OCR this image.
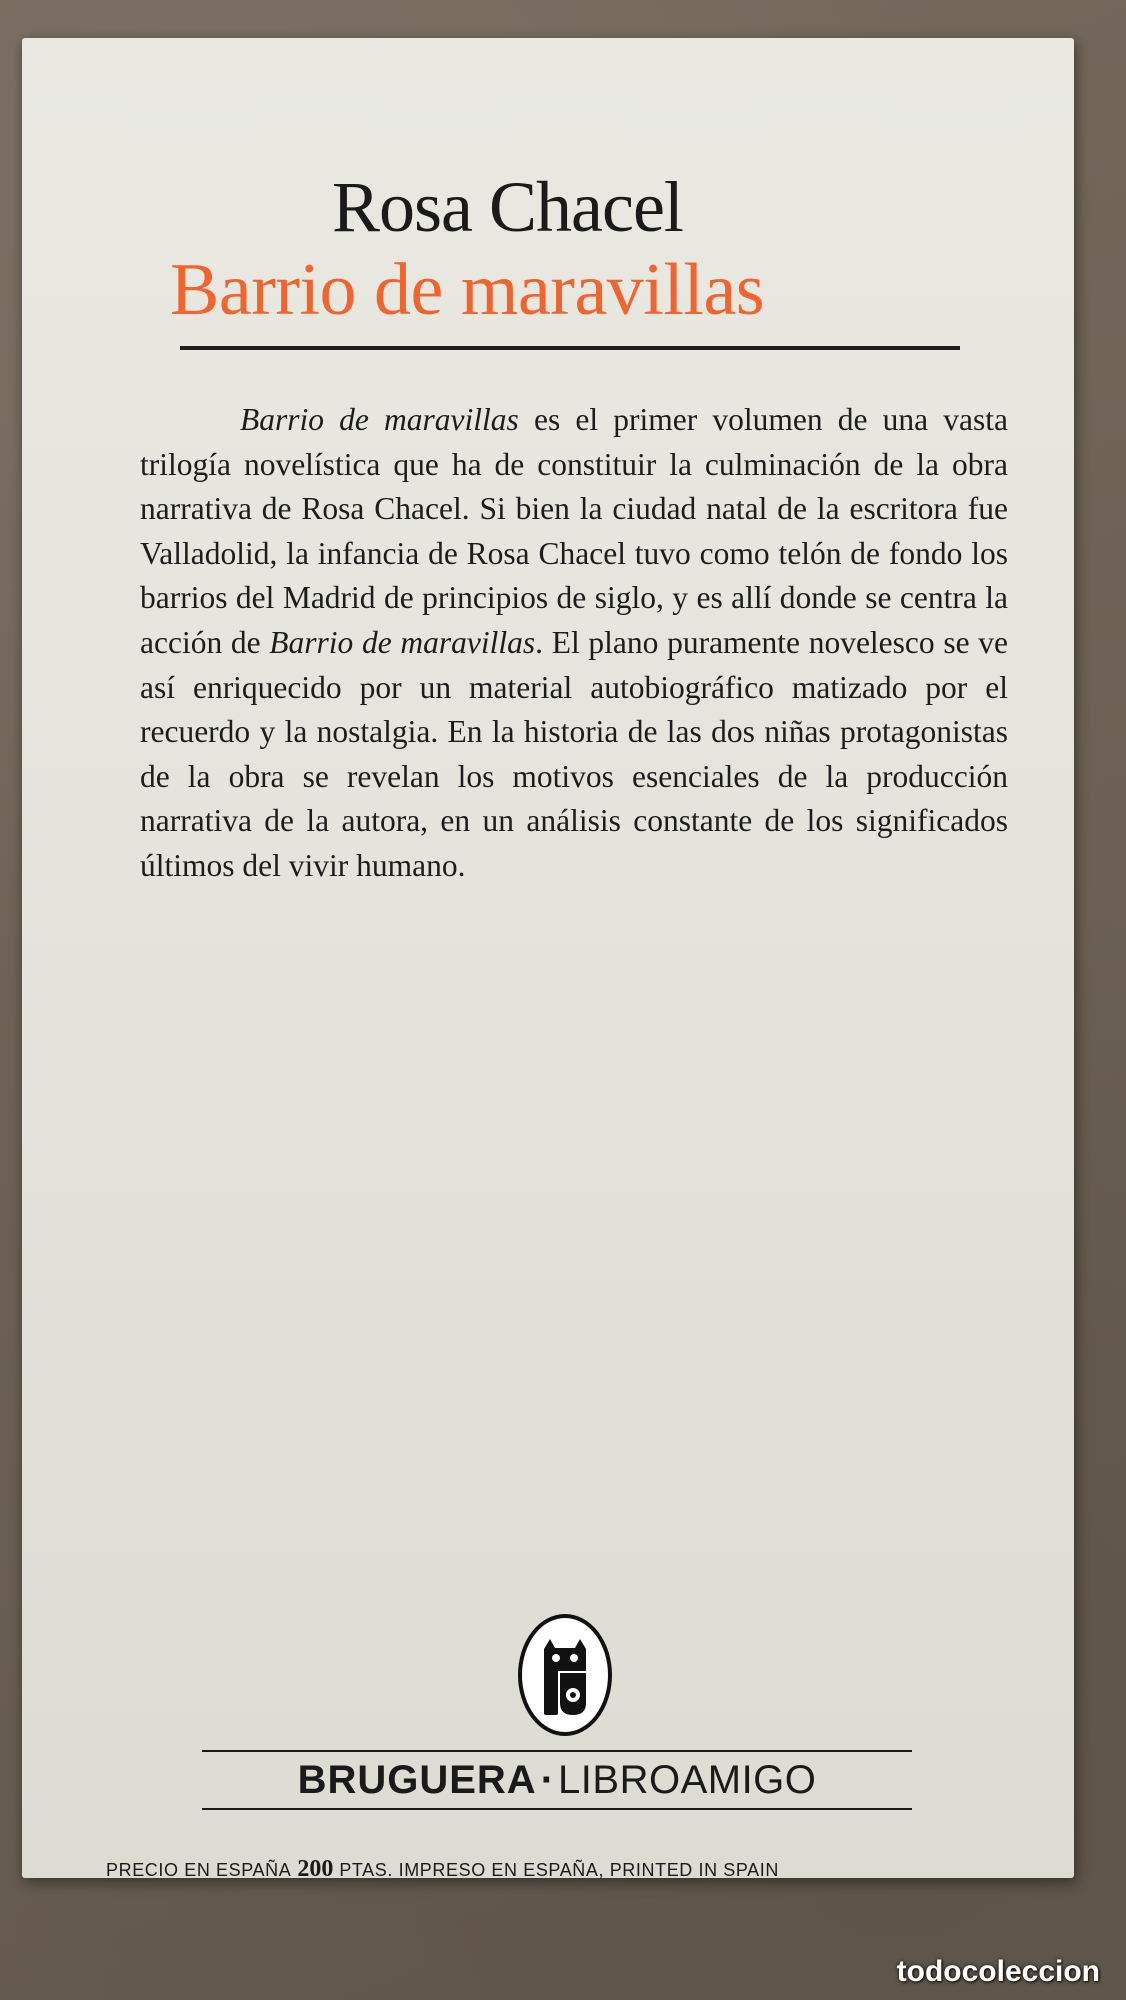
Rosa Chacel
Barrio de maravillas

Barrio de maravillas es el primer volumen de una vasta trilogía novelística que ha de constituir la culminación de la obra narrativa de Rosa Chacel. Si bien la ciudad natal de la escritora fue Valladolid, la infancia de Rosa Chacel tuvo como telón de fondo los barrios del Madrid de principios de siglo, y es allí donde se centra la acción de Barrio de maravillas. El plano puramente novelesco se ve así enriquecido por un material autobiográfico matizado por el recuerdo y la nostalgia. En la historia de las dos niñas protagonistas de la obra se revelan los motivos esenciales de la producción narrativa de la autora, en un análisis constante de los significados últimos del vivir humano.

BRUGUERA · LIBROAMIGO
PRECIO EN ESPAÑA 200 PTAS. IMPRESO EN ESPAÑA, PRINTED IN SPAIN
todocoleccion
